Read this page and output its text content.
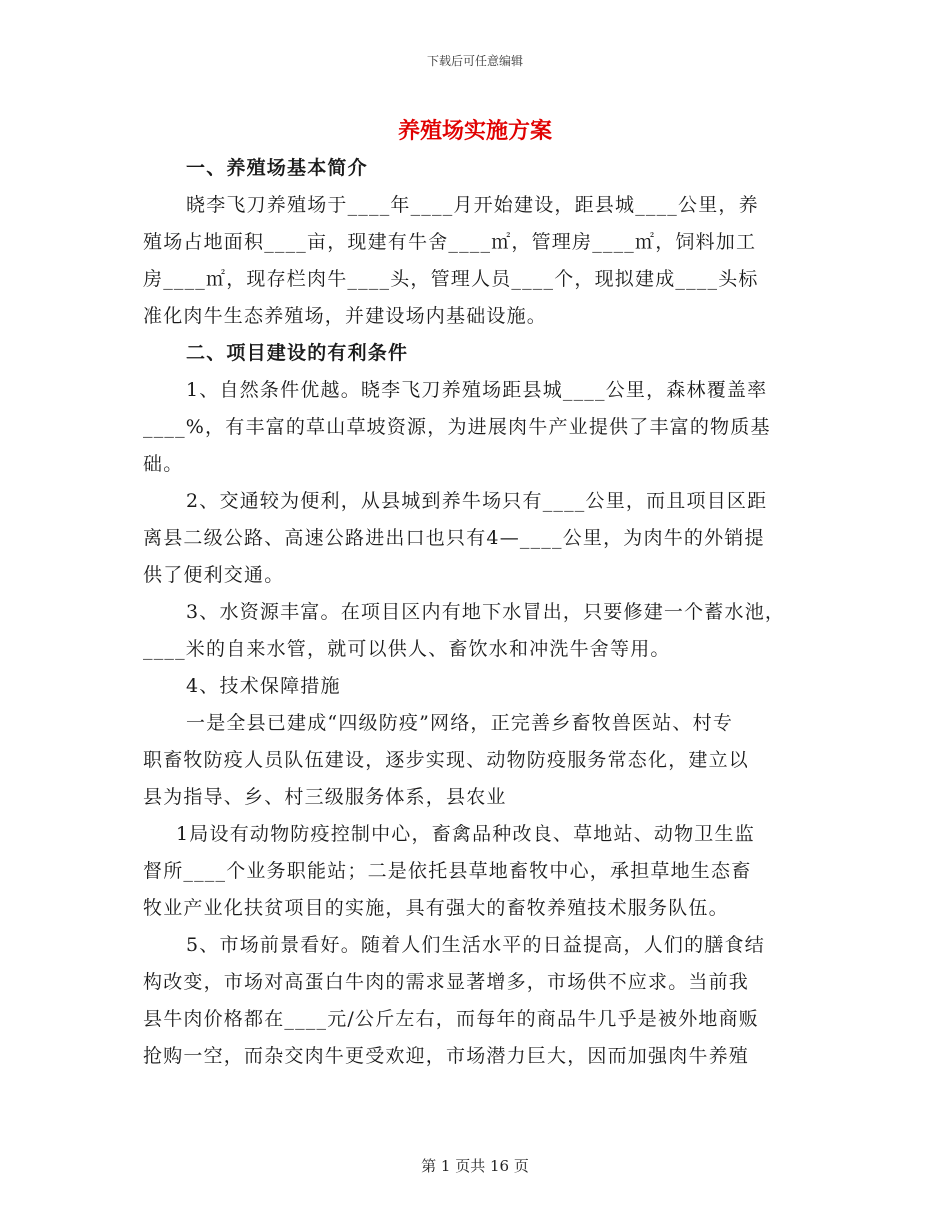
下载后可任意编辑
养殖场实施方案
一、养殖场基本简介
晓李飞刀养殖场于____年____月开始建设，距县城____公里，养
殖场占地面积____亩，现建有牛舍____㎡，管理房____㎡，饲料加工
房____㎡，现存栏肉牛____头，管理人员____个，现拟建成____头标
准化肉牛生态养殖场，并建设场内基础设施。
二、项目建设的有利条件
1、自然条件优越。晓李飞刀养殖场距县城____公里，森林覆盖率
____%，有丰富的草山草坡资源，为进展肉牛产业提供了丰富的物质基
础。
2、交通较为便利，从县城到养牛场只有____公里，而且项目区距
离县二级公路、高速公路进出口也只有4—____公里，为肉牛的外销提
供了便利交通。
3、水资源丰富。在项目区内有地下水冒出，只要修建一个蓄水池，
____米的自来水管，就可以供人、畜饮水和冲洗牛舍等用。
4、技术保障措施
一是全县已建成“四级防疫”网络，正完善乡畜牧兽医站、村专
职畜牧防疫人员队伍建设，逐步实现、动物防疫服务常态化，建立以
县为指导、乡、村三级服务体系，县农业
1局设有动物防疫控制中心，畜禽品种改良、草地站、动物卫生监
督所____个业务职能站；二是依托县草地畜牧中心，承担草地生态畜
牧业产业化扶贫项目的实施，具有强大的畜牧养殖技术服务队伍。
5、市场前景看好。随着人们生活水平的日益提高，人们的膳食结
构改变，市场对高蛋白牛肉的需求显著增多，市场供不应求。当前我
县牛肉价格都在____元/公斤左右，而每年的商品牛几乎是被外地商贩
抢购一空，而杂交肉牛更受欢迎，市场潜力巨大，因而加强肉牛养殖
第 1 页共 16 页
